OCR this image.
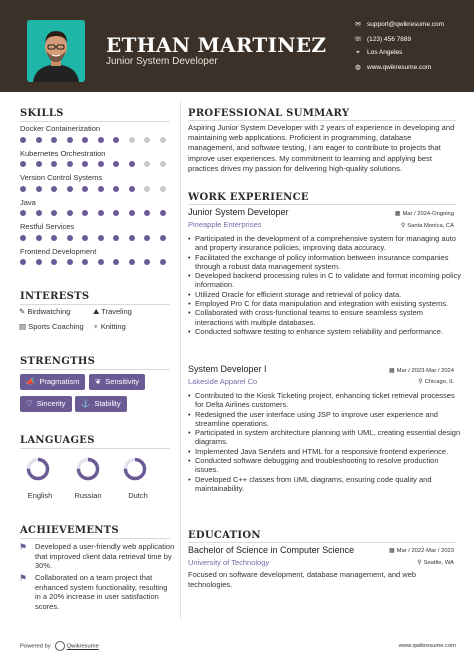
ETHAN MARTINEZ
Junior System Developer
✉ support@qwikresume.com
☏ (123) 456 7889
⌖ Los Angeles
◍ www.qwikresume.com
SKILLS
Docker Containerization
Kubernetes Orchestration
Version Control Systems
Java
Restful Services
Frontend Development
INTERESTS
✎ Birdwatching	⛰ Traveling
▤ Sports Coaching ♆ Knitting
STRENGTHS
📣 Pragmatism	❦ Sensitivity
♡ Sincerity	⚓ Stability
LANGUAGES
English	Russian	Dutch
ACHIEVEMENTS
⚑ Developed a user-friendly web application that improved client data retrieval time by 30%.
⚑ Collaborated on a team project that enhanced system functionality, resulting in a 20% increase in user satisfaction scores.
PROFESSIONAL SUMMARY
Aspiring Junior System Developer with 2 years of experience in developing and maintaining web applications. Proficient in programming, database management, and software testing, I am eager to contribute to projects that improve user experiences. My commitment to learning and applying best practices drives my passion for delivering high-quality solutions.
WORK EXPERIENCE
Junior System Developer	▦ Mar / 2024-Ongoing
Pineapple Enterprises	⚲ Santa Monica, CA
• Participated in the development of a comprehensive system for managing auto and property insurance policies, improving data accuracy.
• Facilitated the exchange of policy information between insurance companies through a robust data management system.
• Developed backend processing rules in C to validate and format incoming policy information.
• Utilized Oracle for efficient storage and retrieval of policy data.
• Employed Pro C for data manipulation and integration with existing systems.
• Collaborated with cross-functional teams to ensure seamless system interactions with multiple databases.
• Conducted software testing to enhance system reliability and performance.
System Developer I	▦ Mar / 2023-Mar / 2024
Lakeside Apparel Co	⚲ Chicago, IL
• Contributed to the Kiosk Ticketing project, enhancing ticket retrieval processes for Delta Airlines customers.
• Redesigned the user interface using JSP to improve user experience and streamline operations.
• Participated in system architecture planning with UML, creating essential design diagrams.
• Implemented Java Servlets and HTML for a responsive frontend experience.
• Conducted software debugging and troubleshooting to resolve production issues.
• Developed C++ classes from UML diagrams, ensuring code quality and maintainability.
EDUCATION
Bachelor of Science in Computer Science	▦ Mar / 2022-Mar / 2023
University of Technology	⚲ Seattle, WA
Focused on software development, database management, and web technologies.
Powered by	Qwikresume	www.qwikresume.com
